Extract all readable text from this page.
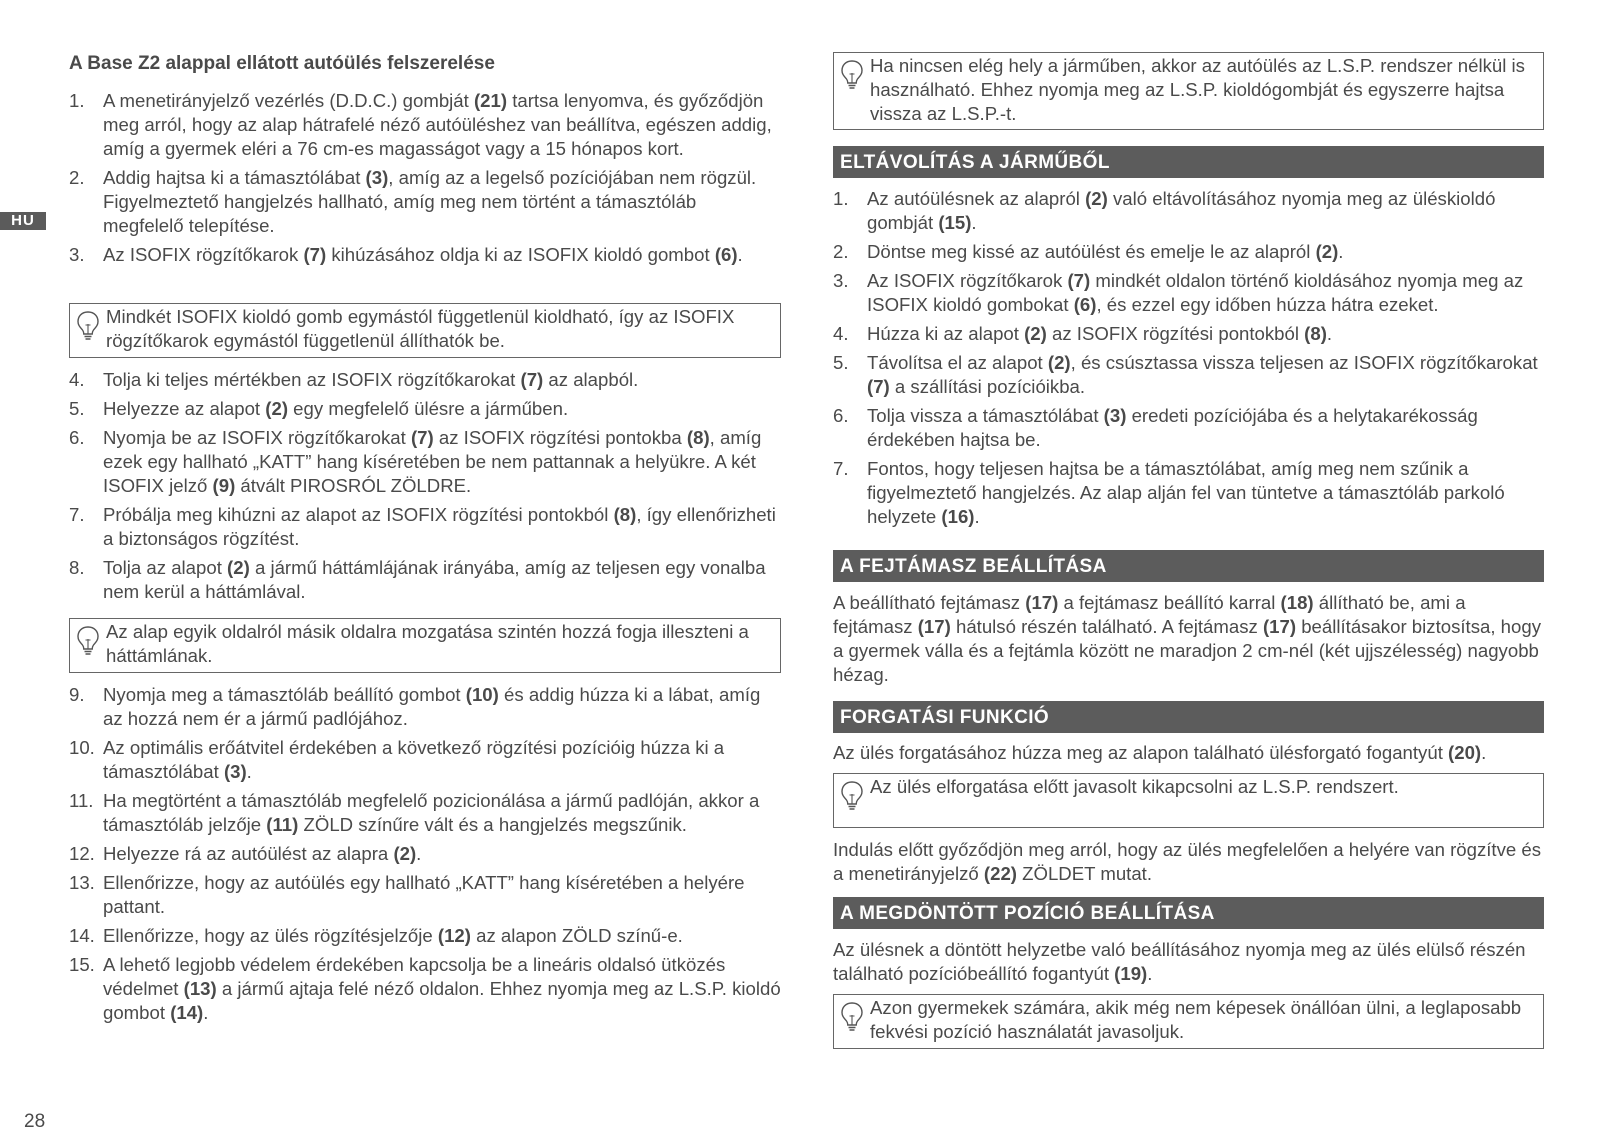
HU
28
A Base Z2 alappal ellátott autóülés felszerelése
1. A menetirányjelző vezérlés (D.D.C.) gombját (21) tartsa lenyomva, és győződjön meg arról, hogy az alap hátrafelé néző autóüléshez van beállítva, egészen addig, amíg a gyermek eléri a 76 cm-es magasságot vagy a 15 hónapos kort.
2. Addig hajtsa ki a támasztólábat (3), amíg az a legelső pozíciójában nem rögzül. Figyelmeztető hangjelzés hallható, amíg meg nem történt a támasztóláb megfelelő telepítése.
3. Az ISOFIX rögzítőkarok (7) kihúzásához oldja ki az ISOFIX kioldó gombot (6).
Mindkét ISOFIX kioldó gomb egymástól függetlenül kioldható, így az ISOFIX rögzítőkarok egymástól függetlenül állíthatók be.
4. Tolja ki teljes mértékben az ISOFIX rögzítőkarokat (7) az alapból.
5. Helyezze az alapot (2) egy megfelelő ülésre a járműben.
6. Nyomja be az ISOFIX rögzítőkarokat (7) az ISOFIX rögzítési pontokba (8), amíg ezek egy hallható „KATT” hang kíséretében be nem pattannak a helyükre. A két ISOFIX jelző (9) átvált PIROSRÓL ZÖLDRE.
7. Próbálja meg kihúzni az alapot az ISOFIX rögzítési pontokból (8), így ellenőrizheti a biztonságos rögzítést.
8. Tolja az alapot (2) a jármű háttámlájának irányába, amíg az teljesen egy vonalba nem kerül a háttámlával.
Az alap egyik oldalról másik oldalra mozgatása szintén hozzá fogja illeszteni a háttámlának.
9. Nyomja meg a támasztóláb beállító gombot (10) és addig húzza ki a lábat, amíg az hozzá nem ér a jármű padlójához.
10. Az optimális erőátvitel érdekében a következő rögzítési pozícióig húzza ki a támasztólábat (3).
11. Ha megtörtént a támasztóláb megfelelő pozicionálása a jármű padlóján, akkor a támasztóláb jelzője (11) ZÖLD színűre vált és a hangjelzés megszűnik.
12. Helyezze rá az autóülést az alapra (2).
13. Ellenőrizze, hogy az autóülés egy hallható „KATT” hang kíséretében a helyére pattant.
14. Ellenőrizze, hogy az ülés rögzítésjelzője (12) az alapon ZÖLD színű-e.
15. A lehető legjobb védelem érdekében kapcsolja be a lineáris oldalsó ütközés védelmet (13) a jármű ajtaja felé néző oldalon. Ehhez nyomja meg az L.S.P. kioldó gombot (14).
Ha nincsen elég hely a járműben, akkor az autóülés az L.S.P. rendszer nélkül is használható. Ehhez nyomja meg az L.S.P. kioldógombját és egyszerre hajtsa vissza az L.S.P.-t.
ELTÁVOLÍTÁS A JÁRMŰBŐL
1. Az autóülésnek az alapról (2) való eltávolításához nyomja meg az üléskioldó gombját (15).
2. Döntse meg kissé az autóülést és emelje le az alapról (2).
3. Az ISOFIX rögzítőkarok (7) mindkét oldalon történő kioldásához nyomja meg az ISOFIX kioldó gombokat (6), és ezzel egy időben húzza hátra ezeket.
4. Húzza ki az alapot (2) az ISOFIX rögzítési pontokból (8).
5. Távolítsa el az alapot (2), és csúsztassa vissza teljesen az ISOFIX rögzítőkarokat (7) a szállítási pozícióikba.
6. Tolja vissza a támasztólábat (3) eredeti pozíciójába és a helytakarékosság érdekében hajtsa be.
7. Fontos, hogy teljesen hajtsa be a támasztólábat, amíg meg nem szűnik a figyelmeztető hangjelzés. Az alap alján fel van tüntetve a támasztóláb parkoló helyzete (16).
A FEJTÁMASZ BEÁLLÍTÁSA
A beállítható fejtámasz (17) a fejtámasz beállító karral (18) állítható be, ami a fejtámasz (17) hátulsó részén található. A fejtámasz (17) beállításakor biztosítsa, hogy a gyermek válla és a fejtámla között ne maradjon 2 cm-nél (két ujjszélesség) nagyobb hézag.
FORGATÁSI FUNKCIÓ
Az ülés forgatásához húzza meg az alapon található ülésforgató fogantyút (20).
Az ülés elforgatása előtt javasolt kikapcsolni az L.S.P. rendszert.
Indulás előtt győződjön meg arról, hogy az ülés megfelelően a helyére van rögzítve és a menetirányjelző (22) ZÖLDET mutat.
A MEGDÖNTÖTT POZÍCIÓ BEÁLLÍTÁSA
Az ülésnek a döntött helyzetbe való beállításához nyomja meg az ülés elülső részén található pozícióbeállító fogantyút (19).
Azon gyermekek számára, akik még nem képesek önállóan ülni, a leglaposabb fekvési pozíció használatát javasoljuk.
